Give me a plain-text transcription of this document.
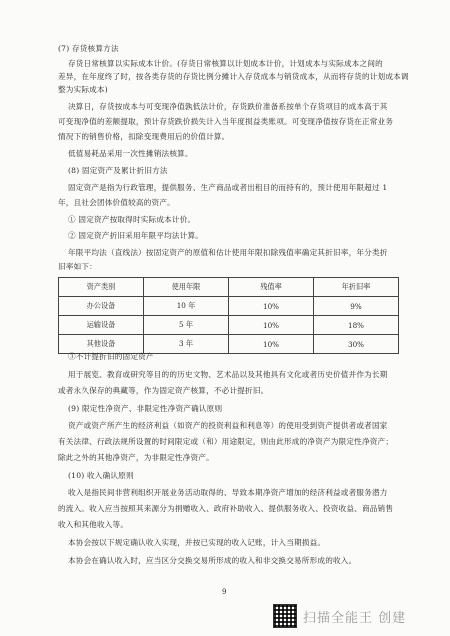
(7) 存货核算方法
存货日常核算以实际成本计价。(存货日常核算以计划成本计价，计划成本与实际成本之间的
差异，在年度终了时，按各类存货的存货比例分摊计入存货成本与销货成本，从而将存货的计划成本调
整为实际成本)
决算日，存货按成本与可变现净值孰低法计价，存货跌价准备系按单个存货项目的成本高于其
可变现净值的差额提取，预计存货跌价损失计入当年度损益类账项。可变现净值按存货在正常业务
情况下的销售价格，扣除变现费用后的价值计算。
低值易耗品采用一次性摊销法核算。
(8) 固定资产及累计折旧方法
固定资产是指为行政管理，提供服务、生产商品或者出租目的而持有的，预计使用年限超过 1
年，且社会团体价值较高的资产。
① 固定资产按取得时实际成本计价。
② 固定资产折旧采用年限平均法计算。
年限平均法（直线法）按固定资产的原值和估计使用年限扣除残值率确定其折旧率，年分类折
旧率如下：
资产类别	使用年限	残值率	年折旧率
办公设备	10 年	10%	9%
运输设备	5 年	10%	18%
其他设备	3 年	10%	30%
③不计提折旧的固定资产
用于展览、教育或研究等目的的历史文物、艺术品以及其他具有文化或者历史价值并作为长期
或者永久保存的典藏等，作为固定资产核算，不必计提折旧。
(9) 限定性净资产、非限定性净资产确认原则
资产或资产所产生的经济利益（如资产的投资利益和利息等）的使用受到资产提供者或者国家
有关法律、行政法规所设置的时间限定或（和）用途限定，则由此形成的净资产为限定性净资产；
除此之外的其他净资产，为非限定性净资产。
(10) 收入确认原则
收入是指民间非营利组织开展业务活动取得的、导致本期净资产增加的经济利益或者服务潜力
的流入。收入应当按照其来源分为捐赠收入、政府补助收入、提供服务收入、投资收益、商品销售
收入和其他收入等。
本协会按以下规定确认收入实现，并按已实现的收入记账，计入当期损益。
本协会在确认收入时，应当区分交换交易所形成的收入和非交换交易所形成的收入。
9
扫描全能王 创建
